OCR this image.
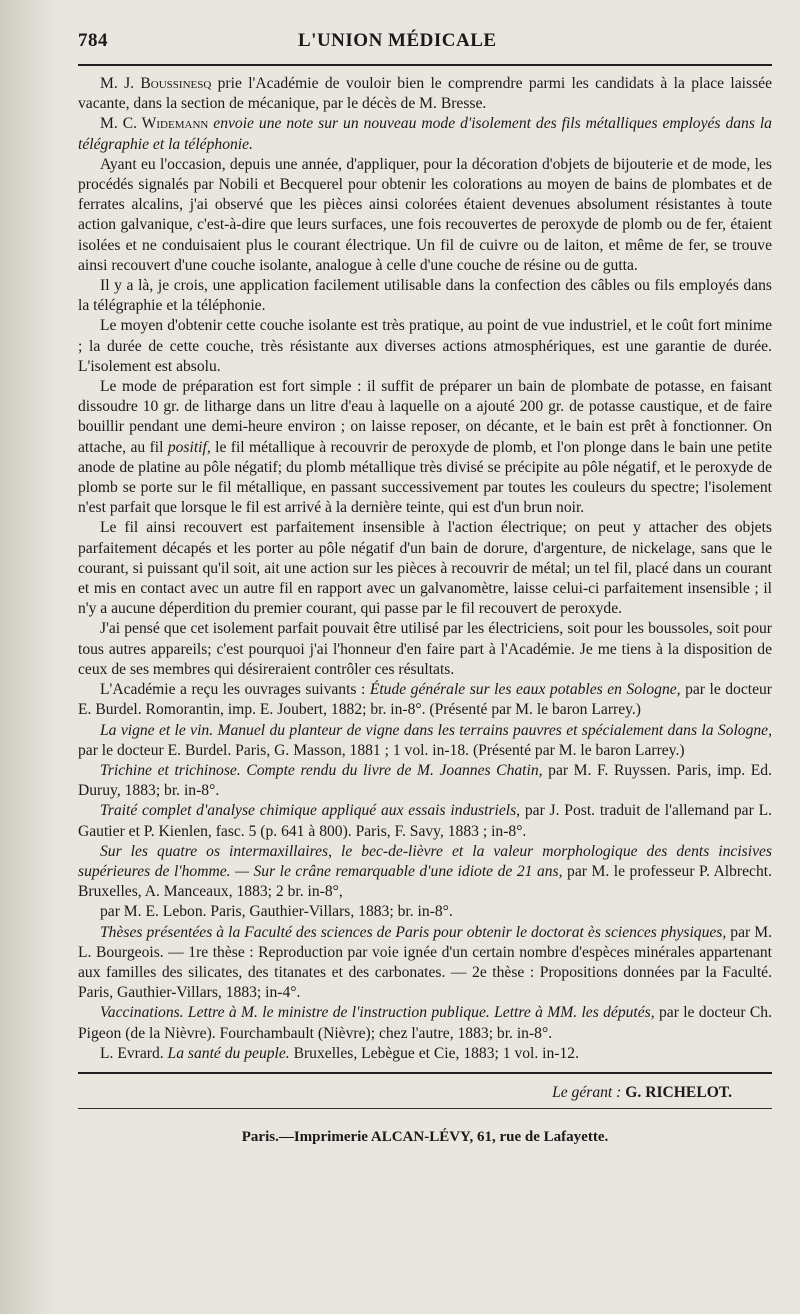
784	L'UNION MÉDICALE

M. J. Boussinesq prie l'Académie de vouloir bien le comprendre parmi les candidats à la place laissée vacante, dans la section de mécanique, par le décès de M. Bresse.

M. C. Widemann envoie une note sur un nouveau mode d'isolement des fils métalliques employés dans la télégraphie et la téléphonie.

Ayant eu l'occasion, depuis une année, d'appliquer, pour la décoration d'objets de bijouterie et de mode, les procédés signalés par Nobili et Becquerel pour obtenir les colorations au moyen de bains de plombates et de ferrates alcalins, j'ai observé que les pièces ainsi colorées étaient devenues absolument résistantes à toute action galvanique, c'est-à-dire que leurs surfaces, une fois recouvertes de peroxyde de plomb ou de fer, étaient isolées et ne conduisaient plus le courant électrique. Un fil de cuivre ou de laiton, et même de fer, se trouve ainsi recouvert d'une couche isolante, analogue à celle d'une couche de résine ou de gutta.

Il y a là, je crois, une application facilement utilisable dans la confection des câbles ou fils employés dans la télégraphie et la téléphonie.

Le moyen d'obtenir cette couche isolante est très pratique, au point de vue industriel, et le coût fort minime ; la durée de cette couche, très résistante aux diverses actions atmosphériques, est une garantie de durée. L'isolement est absolu.

Le mode de préparation est fort simple : il suffit de préparer un bain de plombate de potasse, en faisant dissoudre 10 gr. de litharge dans un litre d'eau à laquelle on a ajouté 200 gr. de potasse caustique, et de faire bouillir pendant une demi-heure environ ; on laisse reposer, on décante, et le bain est prêt à fonctionner. On attache, au fil positif, le fil métallique à recouvrir de peroxyde de plomb, et l'on plonge dans le bain une petite anode de platine au pôle négatif; du plomb métallique très divisé se précipite au pôle négatif, et le peroxyde de plomb se porte sur le fil métallique, en passant successivement par toutes les couleurs du spectre; l'isolement n'est parfait que lorsque le fil est arrivé à la dernière teinte, qui est d'un brun noir.

Le fil ainsi recouvert est parfaitement insensible à l'action électrique; on peut y attacher des objets parfaitement décapés et les porter au pôle négatif d'un bain de dorure, d'argenture, de nickelage, sans que le courant, si puissant qu'il soit, ait une action sur les pièces à recouvrir de métal; un tel fil, placé dans un courant et mis en contact avec un autre fil en rapport avec un galvanomètre, laisse celui-ci parfaitement insensible ; il n'y a aucune déperdition du premier courant, qui passe par le fil recouvert de peroxyde.

J'ai pensé que cet isolement parfait pouvait être utilisé par les électriciens, soit pour les boussoles, soit pour tous autres appareils; c'est pourquoi j'ai l'honneur d'en faire part à l'Académie. Je me tiens à la disposition de ceux de ses membres qui désireraient contrôler ces résultats.

L'Académie a reçu les ouvrages suivants : Étude générale sur les eaux potables en Sologne, par le docteur E. Burdel. Romorantin, imp. E. Joubert, 1882; br. in-8°. (Présenté par M. le baron Larrey.)

La vigne et le vin. Manuel du planteur de vigne dans les terrains pauvres et spécialement dans la Sologne, par le docteur E. Burdel. Paris, G. Masson, 1881 ; 1 vol. in-18. (Présenté par M. le baron Larrey.)

Trichine et trichinose. Compte rendu du livre de M. Joannes Chatin, par M. F. Ruyssen. Paris, imp. Ed. Duruy, 1883; br. in-8°.

Traité complet d'analyse chimique appliqué aux essais industriels, par J. Post. traduit de l'allemand par L. Gautier et P. Kienlen, fasc. 5 (p. 641 à 800). Paris, F. Savy, 1883 ; in-8°.

Sur les quatre os intermaxillaires, le bec-de-lièvre et la valeur morphologique des dents incisives supérieures de l'homme. — Sur le crâne remarquable d'une idiote de 21 ans, par M. le professeur P. Albrecht. Bruxelles, A. Manceaux, 1883; 2 br. in-8°,

par M. E. Lebon. Paris, Gauthier-Villars, 1883; br. in-8°.

Thèses présentées à la Faculté des sciences de Paris pour obtenir le doctorat ès sciences physiques, par M. L. Bourgeois. — 1re thèse : Reproduction par voie ignée d'un certain nombre d'espèces minérales appartenant aux familles des silicates, des titanates et des carbonates. — 2e thèse : Propositions données par la Faculté. Paris, Gauthier-Villars, 1883; in-4°.

Vaccinations. Lettre à M. le ministre de l'instruction publique. Lettre à MM. les députés, par le docteur Ch. Pigeon (de la Nièvre). Fourchambault (Nièvre); chez l'autre, 1883; br. in-8°.

L. Evrard. La santé du peuple. Bruxelles, Lebègue et Cie, 1883; 1 vol. in-12.

Le gérant : G. RICHELOT.
Paris.—Imprimerie ALCAN-LÉVY, 61, rue de Lafayette.
